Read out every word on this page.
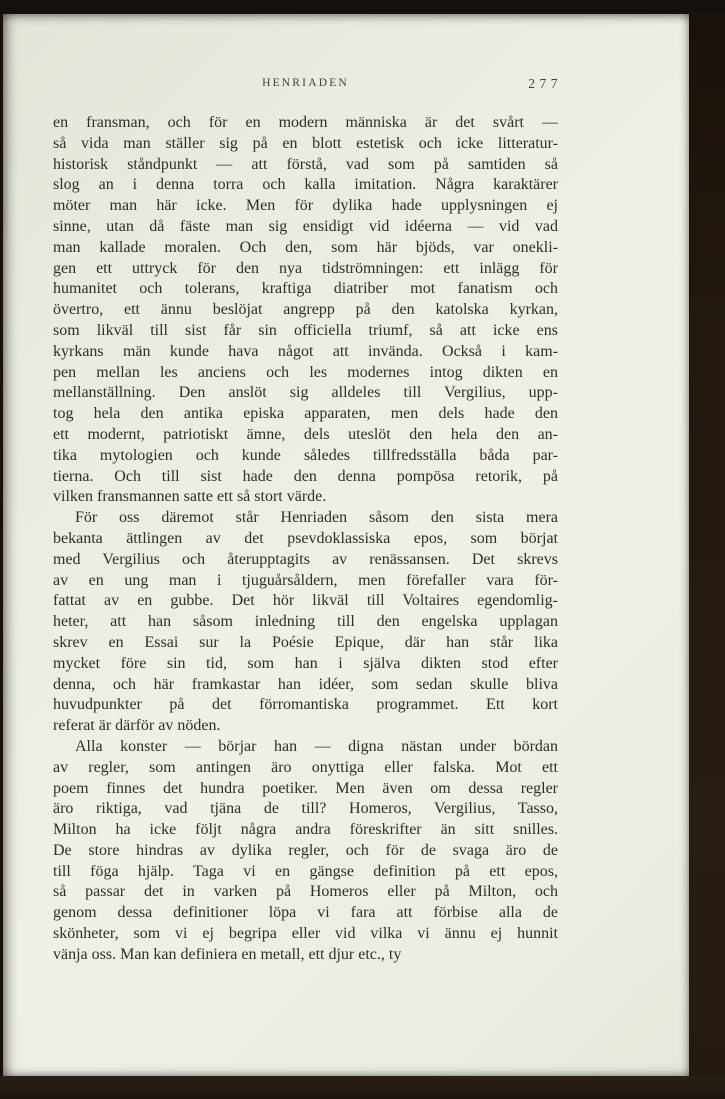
HENRIADEN	277
en fransman, och för en modern människa är det svårt —
så vida man ställer sig på en blott estetisk och icke litteratur-
historisk ståndpunkt — att förstå, vad som på samtiden så
slog an i denna torra och kalla imitation. Några karaktärer
möter man här icke. Men för dylika hade upplysningen ej
sinne, utan då fäste man sig ensidigt vid idéerna — vid vad
man kallade moralen. Och den, som här bjöds, var onekli-
gen ett uttryck för den nya tidströmningen: ett inlägg för
humanitet och tolerans, kraftiga diatriber mot fanatism och
övertro, ett ännu beslöjat angrepp på den katolska kyrkan,
som likväl till sist får sin officiella triumf, så att icke ens
kyrkans män kunde hava något att invända. Också i kam-
pen mellan les anciens och les modernes intog dikten en
mellanställning. Den anslöt sig alldeles till Vergilius, upp-
tog hela den antika episka apparaten, men dels hade den
ett modernt, patriotiskt ämne, dels uteslöt den hela den an-
tika mytologien och kunde således tillfredsställa båda par-
tierna. Och till sist hade den denna pompösa retorik, på
vilken fransmannen satte ett så stort värde.
För oss däremot står Henriaden såsom den sista mera
bekanta ättlingen av det psevdoklassiska epos, som börjat
med Vergilius och återupptagits av renässansen. Det skrevs
av en ung man i tjuguårsåldern, men förefaller vara för-
fattat av en gubbe. Det hör likväl till Voltaires egendomlig-
heter, att han såsom inledning till den engelska upplagan
skrev en Essai sur la Poésie Epique, där han står lika
mycket före sin tid, som han i själva dikten stod efter
denna, och här framkastar han idéer, som sedan skulle bliva
huvudpunkter på det förromantiska programmet. Ett kort
referat är därför av nöden.
Alla konster — börjar han — digna nästan under bördan
av regler, som antingen äro onyttiga eller falska. Mot ett
poem finnes det hundra poetiker. Men även om dessa regler
äro riktiga, vad tjäna de till? Homeros, Vergilius, Tasso,
Milton ha icke följt några andra föreskrifter än sitt snilles.
De store hindras av dylika regler, och för de svaga äro de
till föga hjälp. Taga vi en gängse definition på ett epos,
så passar det in varken på Homeros eller på Milton, och
genom dessa definitioner löpa vi fara att förbise alla de
skönheter, som vi ej begripa eller vid vilka vi ännu ej hunnit
vänja oss. Man kan definiera en metall, ett djur etc., ty
